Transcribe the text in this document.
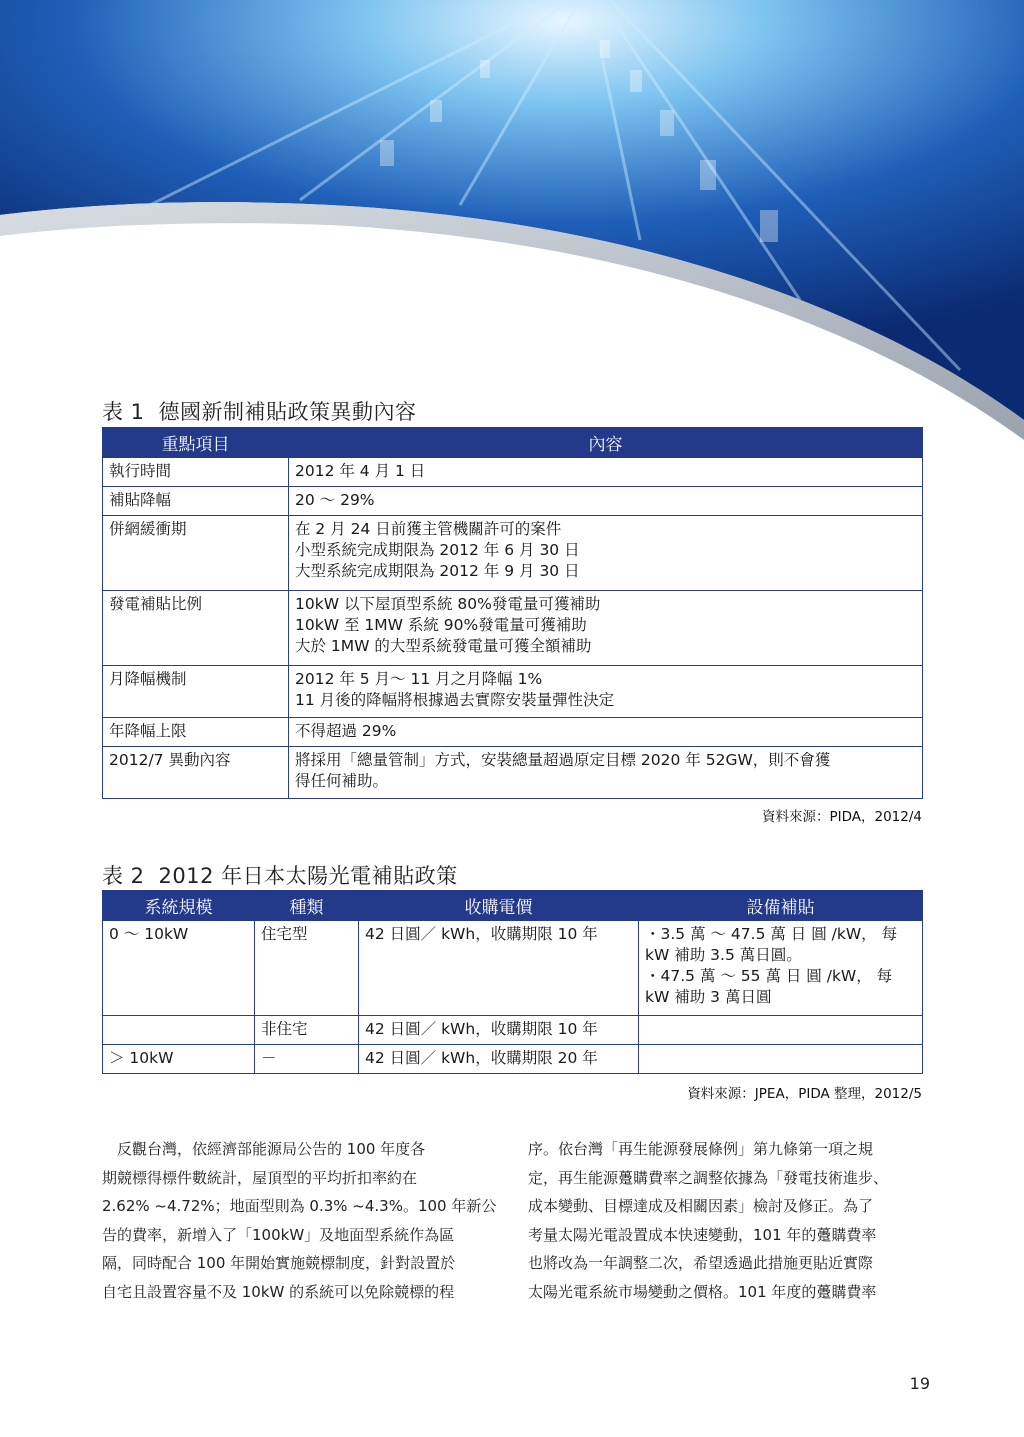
表 1 德國新制補貼政策異動內容
重點項目	內容
執行時間	2012 年 4 月 1 日

補貼降幅	20 ～ 29%

併網緩衝期	在 2 月 24 日前獲主管機關許可的案件
小型系統完成期限為 2012 年 6 月 30 日
大型系統完成期限為 2012 年 9 月 30 日

發電補貼比例	10kW 以下屋頂型系統 80%發電量可獲補助
10kW 至 1MW 系統 90%發電量可獲補助
大於 1MW 的大型系統發電量可獲全額補助

月降幅機制	2012 年 5 月～ 11 月之月降幅 1%
11 月後的降幅將根據過去實際安裝量彈性決定

年降幅上限	不得超過 29%

2012/7 異動內容	將採用「總量管制」方式，安裝總量超過原定目標 2020 年 52GW，則不會獲
得任何補助。
資料來源：PIDA，2012/4
表 2 2012 年日本太陽光電補貼政策
系統規模	種類	收購電價	設備補貼
0 ～ 10kW	住宅型	42 日圓／ kWh，收購期限 10 年	・3.5 萬 ～ 47.5 萬 日 圓 /kW， 每
kW 補助 3.5 萬日圓。
・47.5 萬 ～ 55 萬 日 圓 /kW， 每
kW 補助 3 萬日圓

	非住宅	42 日圓／ kWh，收購期限 10 年	
＞ 10kW	－	42 日圓／ kWh，收購期限 20 年	
資料來源：JPEA，PIDA 整理，2012/5
　反觀台灣，依經濟部能源局公告的 100 年度各
期競標得標件數統計，屋頂型的平均折扣率約在
2.62% ~4.72%；地面型則為 0.3% ~4.3%。100 年新公
告的費率，新增入了「100kW」及地面型系統作為區
隔，同時配合 100 年開始實施競標制度，針對設置於
自宅且設置容量不及 10kW 的系統可以免除競標的程
序。依台灣「再生能源發展條例」第九條第一項之規
定，再生能源躉購費率之調整依據為「發電技術進步、
成本變動、目標達成及相關因素」檢討及修正。為了
考量太陽光電設置成本快速變動，101 年的躉購費率
也將改為一年調整二次，希望透過此措施更貼近實際
太陽光電系統市場變動之價格。101 年度的躉購費率
19
